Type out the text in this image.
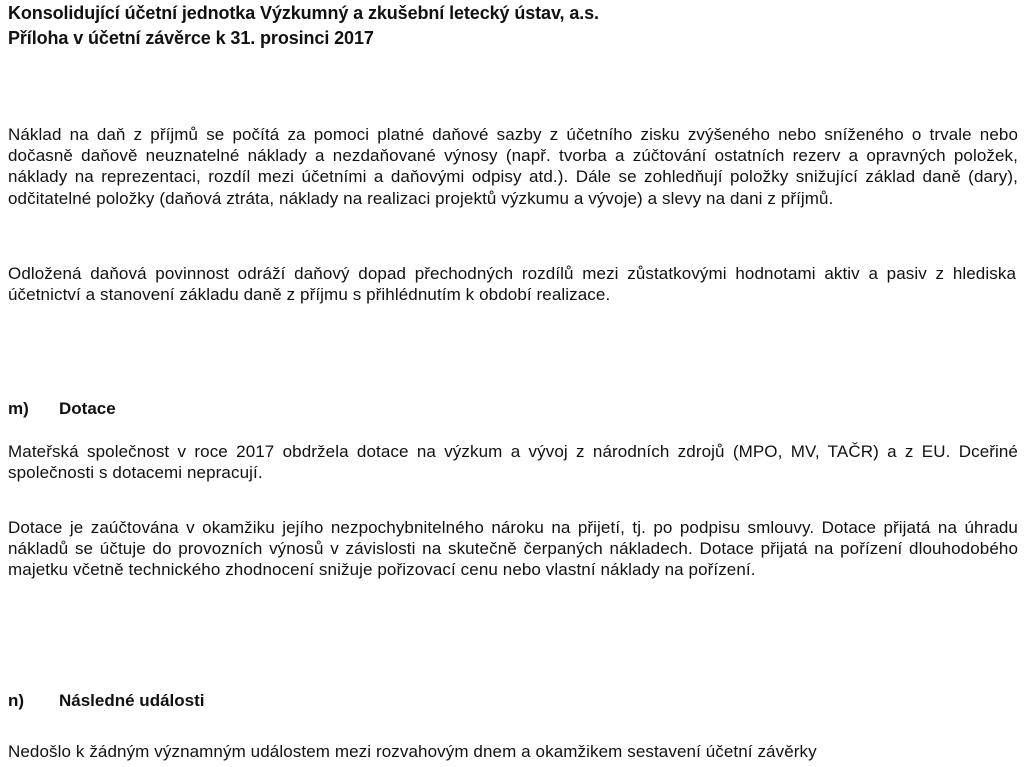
Konsolidující účetní jednotka Výzkumný a zkušební letecký ústav, a.s.
Příloha v účetní závěrce k 31. prosinci 2017
Náklad na daň z příjmů se počítá za pomoci platné daňové sazby z účetního zisku zvýšeného nebo sníženého o trvale nebo dočasně daňově neuznatelné náklady a nezdaňované výnosy (např. tvorba a zúčtování ostatních rezerv a opravných položek, náklady na reprezentaci, rozdíl mezi účetními a daňovými odpisy atd.). Dále se zohledňují položky snižující základ daně (dary), odčitatelné položky (daňová ztráta, náklady na realizaci projektů výzkumu a vývoje) a slevy na dani z příjmů.
Odložená daňová povinnost odráží daňový dopad přechodných rozdílů mezi zůstatkovými hodnotami aktiv a pasiv z hlediska účetnictví a stanovení základu daně z příjmu s přihlédnutím k období realizace.
m) Dotace
Mateřská společnost v roce 2017 obdržela dotace na výzkum a vývoj z národních zdrojů (MPO, MV, TAČR) a z EU. Dceřiné společnosti s dotacemi nepracují.
Dotace je zaúčtována v okamžiku jejího nezpochybnitelného nároku na přijetí, tj. po podpisu smlouvy. Dotace přijatá na úhradu nákladů se účtuje do provozních výnosů v závislosti na skutečně čerpaných nákladech. Dotace přijatá na pořízení dlouhodobého majetku včetně technického zhodnocení snižuje pořizovací cenu nebo vlastní náklady na pořízení.
n) Následné události
Nedošlo k žádným významným událostem mezi rozvahovým dnem a okamžikem sestavení účetní závěrky
